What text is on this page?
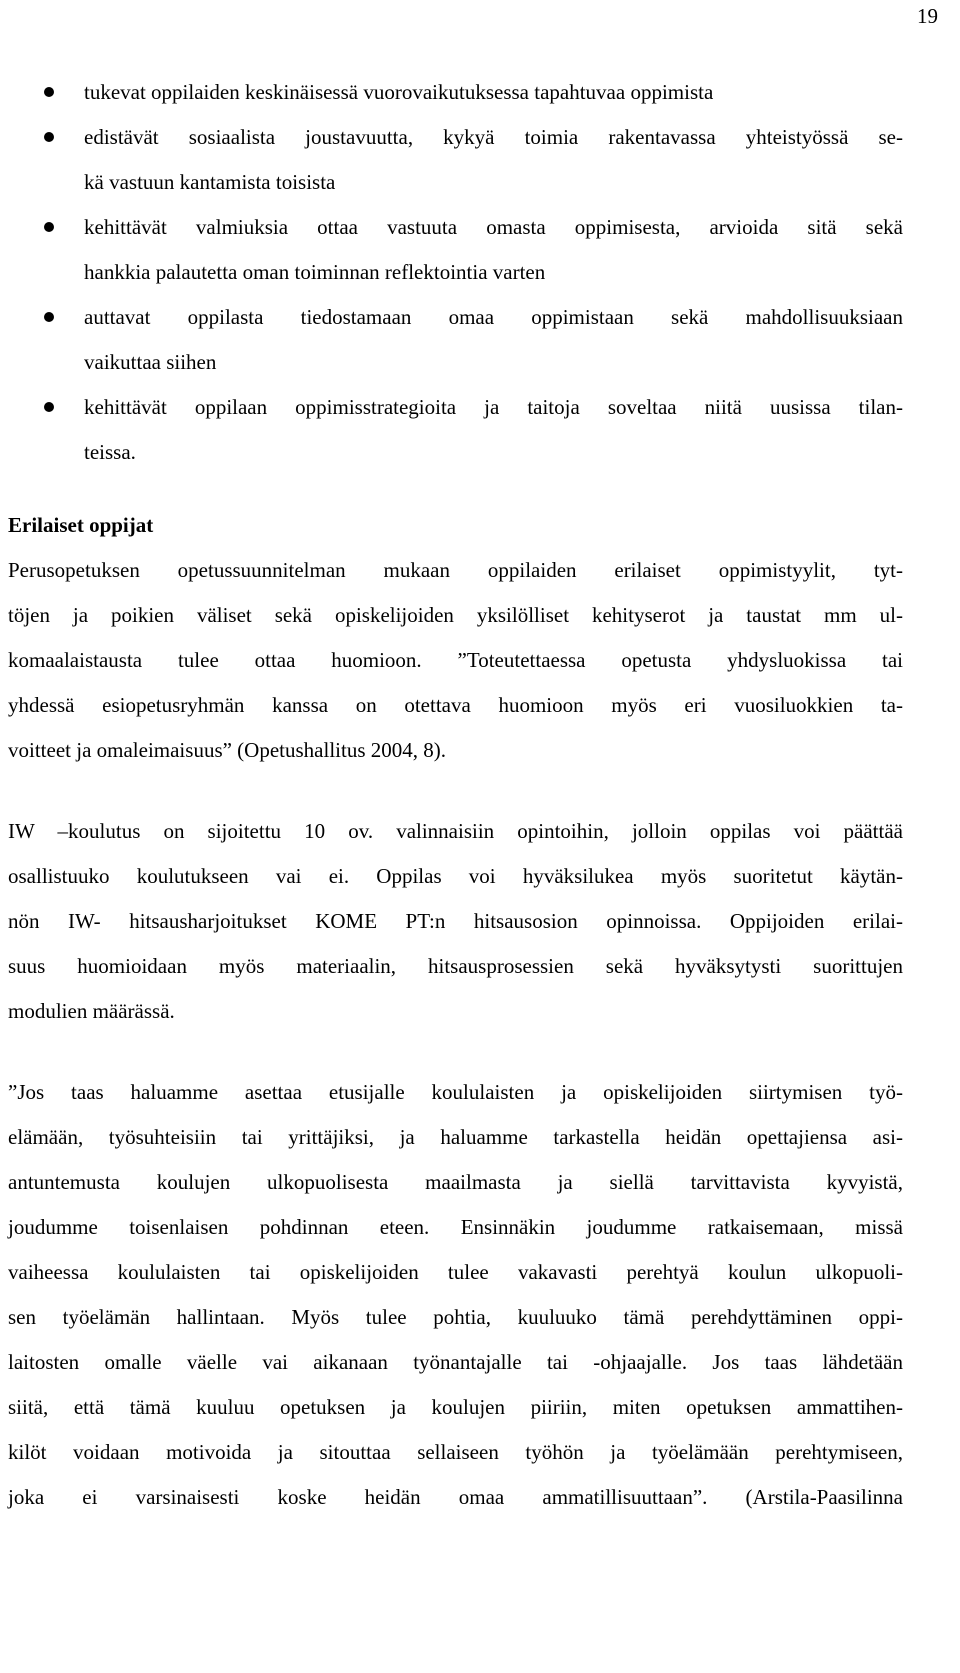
19
tukevat oppilaiden keskinäisessä vuorovaikutuksessa tapahtuvaa oppimista
edistävät sosiaalista joustavuutta, kykyä toimia rakentavassa yhteistyössä se-
kä vastuun kantamista toisista
kehittävät valmiuksia ottaa vastuuta omasta oppimisesta, arvioida sitä sekä
hankkia palautetta oman toiminnan reflektointia varten
auttavat oppilasta tiedostamaan omaa oppimistaan sekä mahdollisuuksiaan
vaikuttaa siihen
kehittävät oppilaan oppimisstrategioita ja taitoja soveltaa niitä uusissa tilan-
teissa.
Erilaiset oppijat
Perusopetuksen opetussuunnitelman mukaan oppilaiden erilaiset oppimistyylit, tyt-
töjen ja poikien väliset sekä opiskelijoiden yksilölliset kehityserot ja taustat mm ul-
komaalaistausta tulee ottaa huomioon. ”Toteutettaessa opetusta yhdysluokissa tai
yhdessä esiopetusryhmän kanssa on otettava huomioon myös eri vuosiluokkien ta-
voitteet ja omaleimaisuus” (Opetushallitus 2004, 8).
IW –koulutus on sijoitettu 10 ov. valinnaisiin opintoihin, jolloin oppilas voi päättää
osallistuuko koulutukseen vai ei. Oppilas voi hyväksilukea myös suoritetut käytän-
nön IW- hitsausharjoitukset KOME PT:n hitsausosion opinnoissa. Oppijoiden erilai-
suus huomioidaan myös materiaalin, hitsausprosessien sekä hyväksytysti suorittujen
modulien määrässä.
”Jos taas haluamme asettaa etusijalle koululaisten ja opiskelijoiden siirtymisen työ-
elämään, työsuhteisiin tai yrittäjiksi, ja haluamme tarkastella heidän opettajiensa asi-
antuntemusta koulujen ulkopuolisesta maailmasta ja siellä tarvittavista kyvyistä,
joudumme toisenlaisen pohdinnan eteen. Ensinnäkin joudumme ratkaisemaan, missä
vaiheessa koululaisten tai opiskelijoiden tulee vakavasti perehtyä koulun ulkopuoli-
sen työelämän hallintaan. Myös tulee pohtia, kuuluuko tämä perehdyttäminen oppi-
laitosten omalle väelle vai aikanaan työnantajalle tai -ohjaajalle. Jos taas lähdetään
siitä, että tämä kuuluu opetuksen ja koulujen piiriin, miten opetuksen ammattihen-
kilöt voidaan motivoida ja sitouttaa sellaiseen työhön ja työelämään perehtymiseen,
joka ei varsinaisesti koske heidän omaa ammatillisuuttaan”. (Arstila-Paasilinna
